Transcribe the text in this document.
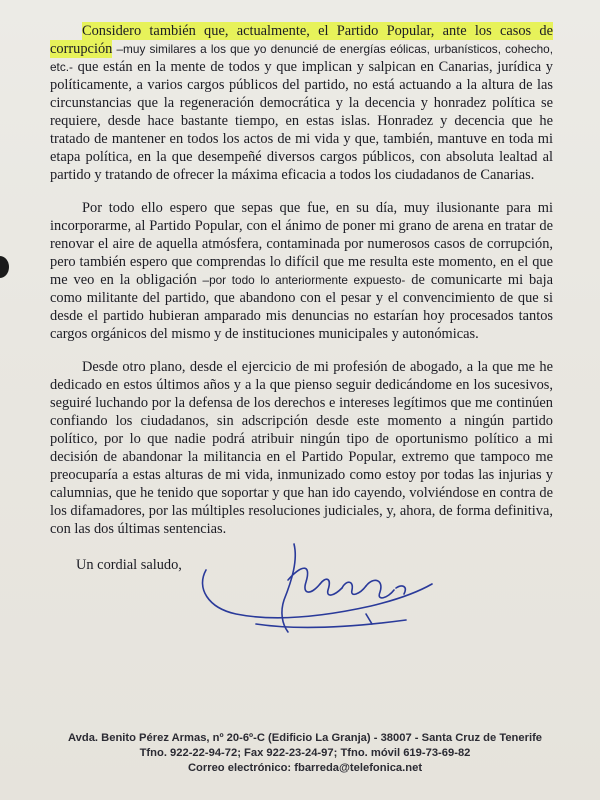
Considero también que, actualmente, el Partido Popular, ante los casos de corrupción –muy similares a los que yo denuncié de energías eólicas, urbanísticos, cohecho, etc.- que están en la mente de todos y que implican y salpican en Canarias, jurídica y políticamente, a varios cargos públicos del partido, no está actuando a la altura de las circunstancias que la regeneración democrática y la decencia y honradez política se requiere, desde hace bastante tiempo, en estas islas. Honradez y decencia que he tratado de mantener en todos los actos de mi vida y que, también, mantuve en toda mi etapa política, en la que desempeñé diversos cargos públicos, con absoluta lealtad al partido y tratando de ofrecer la máxima eficacia a todos los ciudadanos de Canarias.

Por todo ello espero que sepas que fue, en su día, muy ilusionante para mi incorporarme, al Partido Popular, con el ánimo de poner mi grano de arena en tratar de renovar el aire de aquella atmósfera, contaminada por numerosos casos de corrupción, pero también espero que comprendas lo difícil que me resulta este momento, en el que me veo en la obligación –por todo lo anteriormente expuesto- de comunicarte mi baja como militante del partido, que abandono con el pesar y el convencimiento de que si desde el partido hubieran amparado mis denuncias no estarían hoy procesados tantos cargos orgánicos del mismo y de instituciones municipales y autonómicas.

Desde otro plano, desde el ejercicio de mi profesión de abogado, a la que me he dedicado en estos últimos años y a la que pienso seguir dedicándome en los sucesivos, seguiré luchando por la defensa de los derechos e intereses legítimos que me continúen confiando los ciudadanos, sin adscripción desde este momento a ningún partido político, por lo que nadie podrá atribuir ningún tipo de oportunismo político a mi decisión de abandonar la militancia en el Partido Popular, extremo que tampoco me preocuparía a estas alturas de mi vida, inmunizado como estoy por todas las injurias y calumnias, que he tenido que soportar y que han ido cayendo, volviéndose en contra de los difamadores, por las múltiples resoluciones judiciales, y, ahora, de forma definitiva, con las dos últimas sentencias.

Un cordial saludo,
Avda. Benito Pérez Armas, nº 20-6º-C (Edificio La Granja) - 38007 - Santa Cruz de Tenerife
Tfno. 922-22-94-72; Fax 922-23-24-97; Tfno. móvil 619-73-69-82
Correo electrónico: fbarreda@telefonica.net
